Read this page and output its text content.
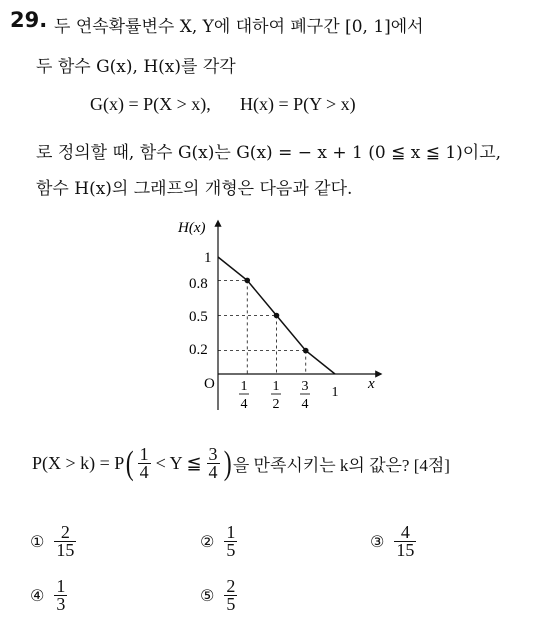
29. 두 연속확률변수 X, Y에 대하여 폐구간 [0, 1]에서
두 함수 G(x), H(x)를 각각
G(x) = P(X > x), H(x) = P(Y > x)
로 정의할 때, 함수 G(x)는 G(x) = − x + 1 (0 ≦ x ≦ 1)이고,
함수 H(x)의 그래프의 개형은 다음과 같다.
H(x)
x
O
1
0.8
0.5
0.2
1
4
1
2
3
4
1
P(X > k) = P ( $\frac{1}{4} < Y$ ≦ $\frac{3}{4}$ ) 을 만족시키는 k의 값은? [4점]
① $\frac{2}{15}$	② $\frac{1}{5}$	③ $\frac{4}{15}$
④ $\frac{1}{3}$	⑤ $\frac{2}{5}$
